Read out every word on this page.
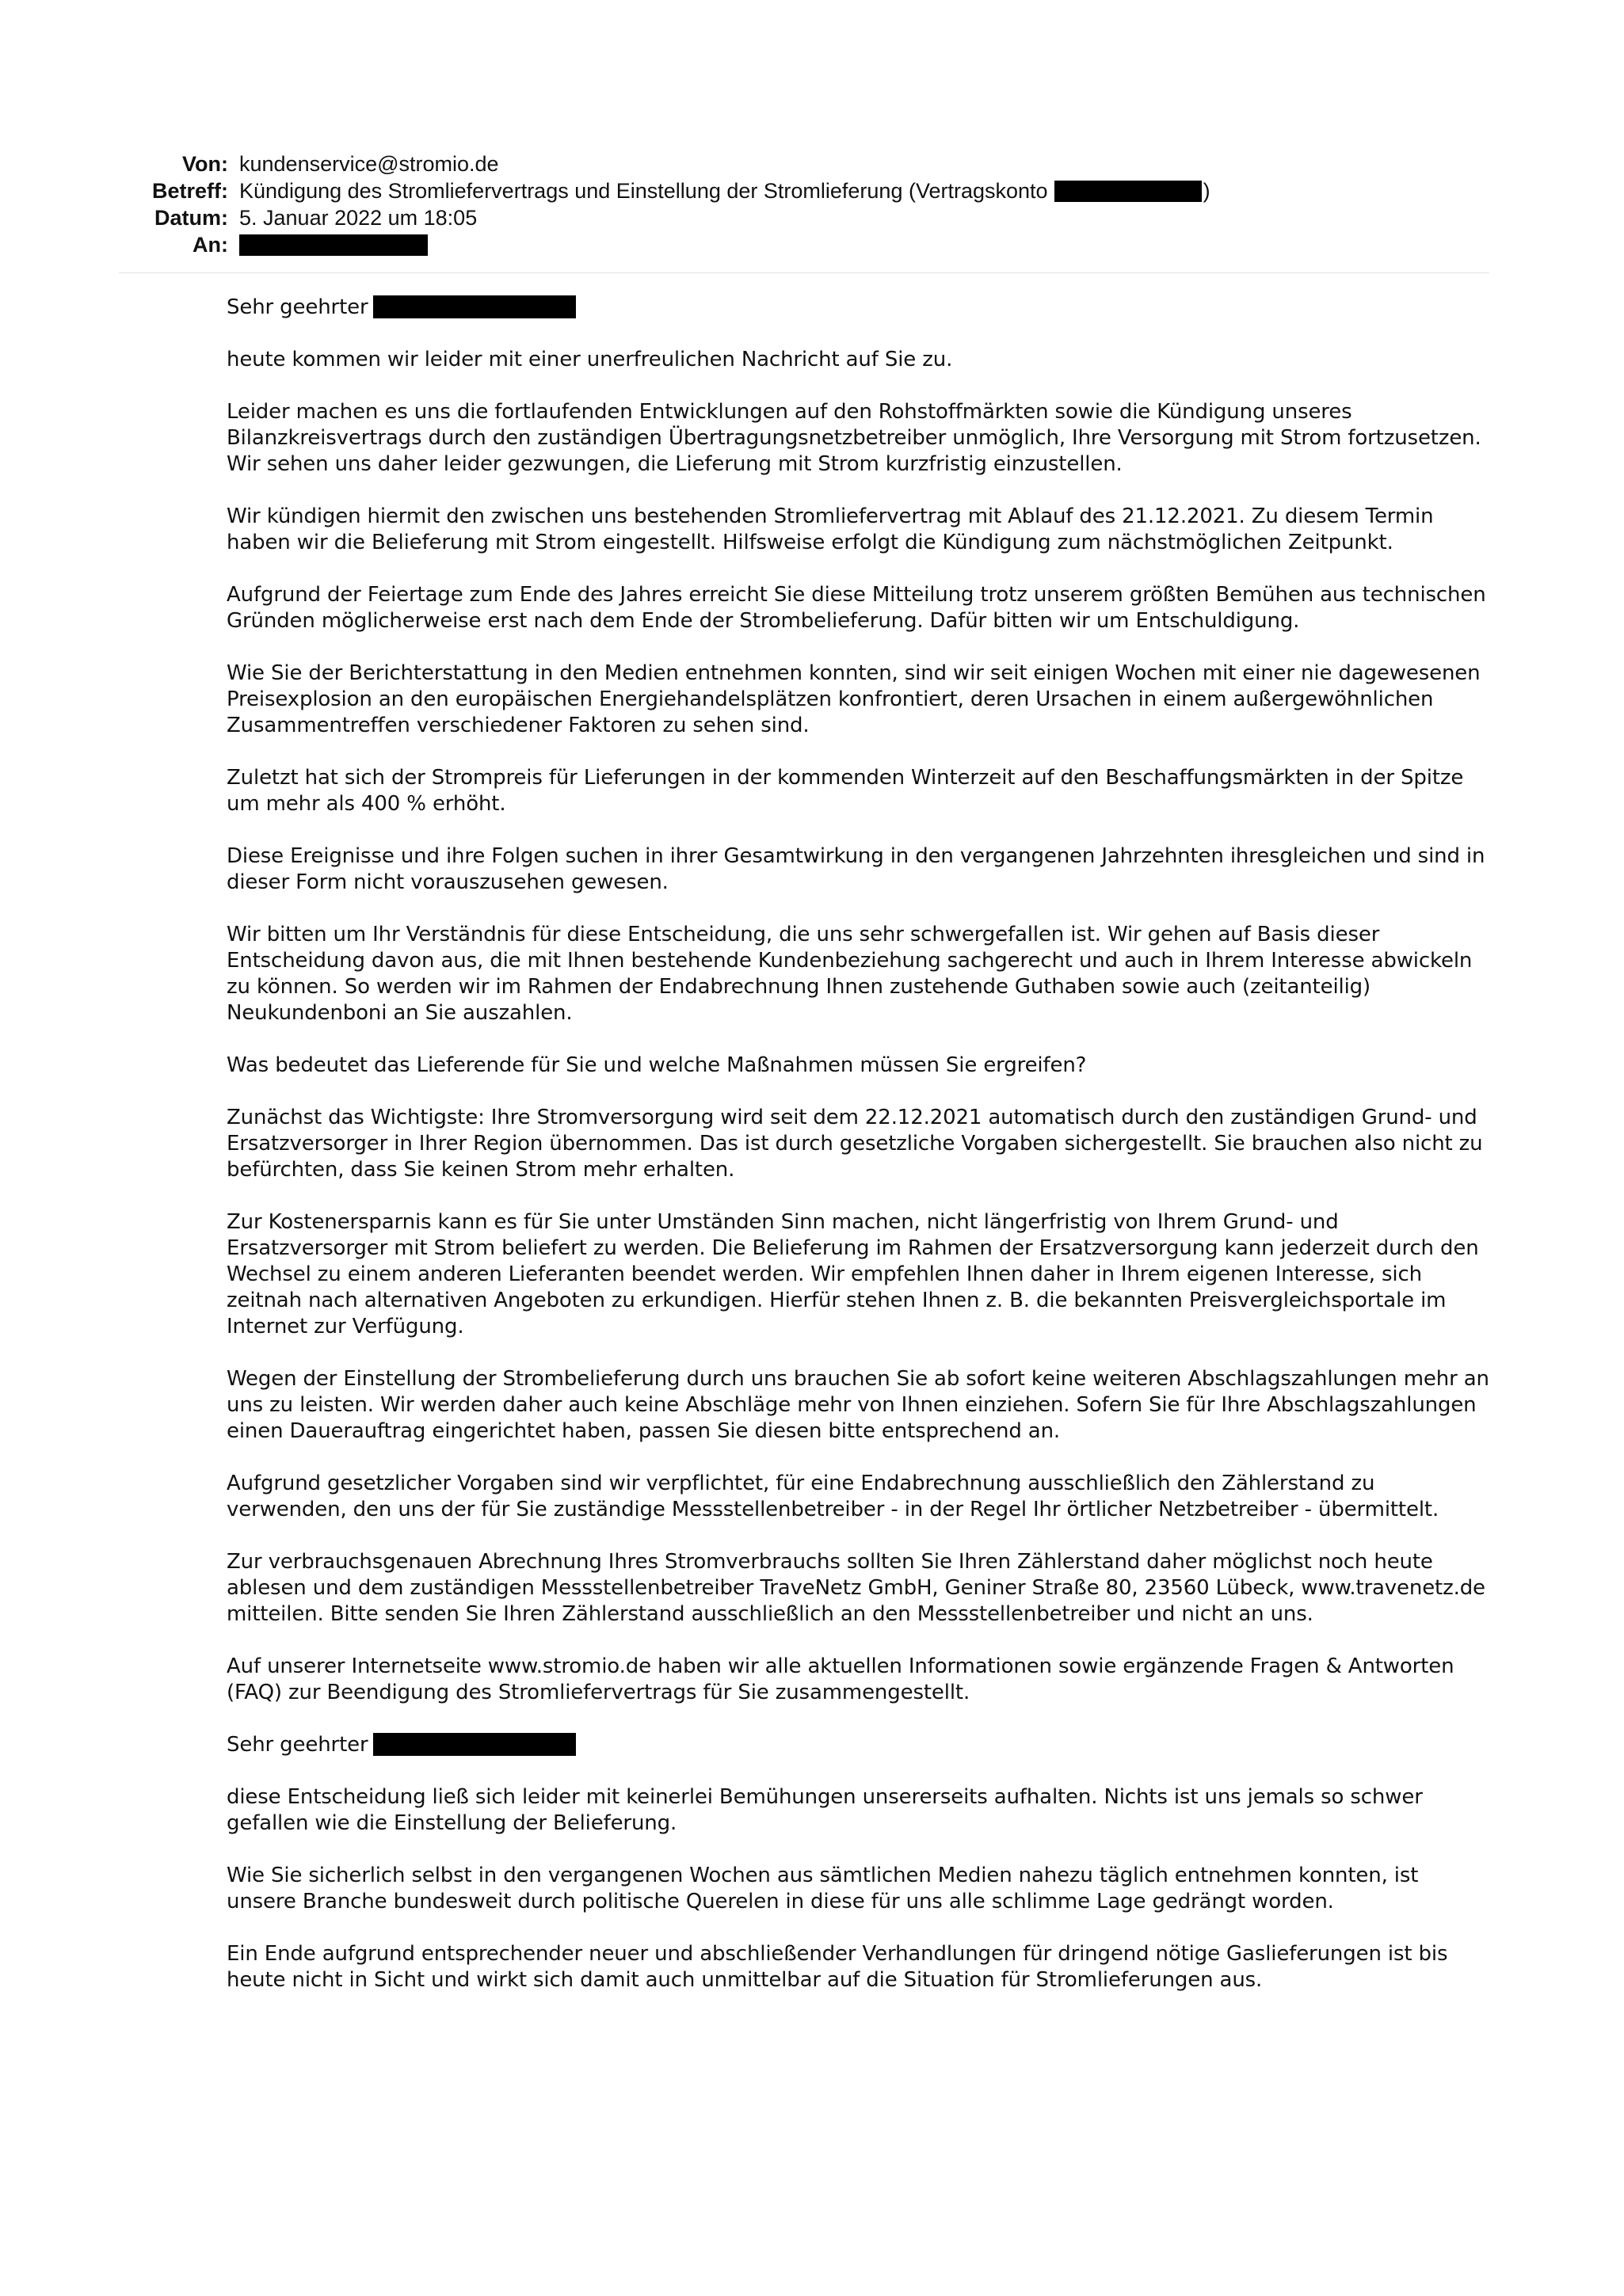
Von: kundenservice@stromio.de
Betreff: Kündigung des Stromliefervertrags und Einstellung der Stromlieferung (Vertragskonto	)
Datum: 5. Januar 2022 um 18:05
An:

Sehr geehrter

heute kommen wir leider mit einer unerfreulichen Nachricht auf Sie zu.

Leider machen es uns die fortlaufenden Entwicklungen auf den Rohstoffmärkten sowie die Kündigung unseres Bilanzkreisvertrags durch den zuständigen Übertragungsnetzbetreiber unmöglich, Ihre Versorgung mit Strom fortzusetzen. Wir sehen uns daher leider gezwungen, die Lieferung mit Strom kurzfristig einzustellen.

Wir kündigen hiermit den zwischen uns bestehenden Stromliefervertrag mit Ablauf des 21.12.2021. Zu diesem Termin haben wir die Belieferung mit Strom eingestellt. Hilfsweise erfolgt die Kündigung zum nächstmöglichen Zeitpunkt.

Aufgrund der Feiertage zum Ende des Jahres erreicht Sie diese Mitteilung trotz unserem größten Bemühen aus technischen Gründen möglicherweise erst nach dem Ende der Strombelieferung. Dafür bitten wir um Entschuldigung.

Wie Sie der Berichterstattung in den Medien entnehmen konnten, sind wir seit einigen Wochen mit einer nie dagewesenen Preisexplosion an den europäischen Energiehandelsplätzen konfrontiert, deren Ursachen in einem außergewöhnlichen Zusammentreffen verschiedener Faktoren zu sehen sind.

Zuletzt hat sich der Strompreis für Lieferungen in der kommenden Winterzeit auf den Beschaffungsmärkten in der Spitze um mehr als 400 % erhöht.

Diese Ereignisse und ihre Folgen suchen in ihrer Gesamtwirkung in den vergangenen Jahrzehnten ihresgleichen und sind in dieser Form nicht vorauszusehen gewesen.

Wir bitten um Ihr Verständnis für diese Entscheidung, die uns sehr schwergefallen ist. Wir gehen auf Basis dieser Entscheidung davon aus, die mit Ihnen bestehende Kundenbeziehung sachgerecht und auch in Ihrem Interesse abwickeln zu können. So werden wir im Rahmen der Endabrechnung Ihnen zustehende Guthaben sowie auch (zeitanteilig) Neukundenboni an Sie auszahlen.

Was bedeutet das Lieferende für Sie und welche Maßnahmen müssen Sie ergreifen?

Zunächst das Wichtigste: Ihre Stromversorgung wird seit dem 22.12.2021 automatisch durch den zuständigen Grund- und Ersatzversorger in Ihrer Region übernommen. Das ist durch gesetzliche Vorgaben sichergestellt. Sie brauchen also nicht zu befürchten, dass Sie keinen Strom mehr erhalten.

Zur Kostenersparnis kann es für Sie unter Umständen Sinn machen, nicht längerfristig von Ihrem Grund- und Ersatzversorger mit Strom beliefert zu werden. Die Belieferung im Rahmen der Ersatzversorgung kann jederzeit durch den Wechsel zu einem anderen Lieferanten beendet werden. Wir empfehlen Ihnen daher in Ihrem eigenen Interesse, sich zeitnah nach alternativen Angeboten zu erkundigen. Hierfür stehen Ihnen z. B. die bekannten Preisvergleichsportale im Internet zur Verfügung.

Wegen der Einstellung der Strombelieferung durch uns brauchen Sie ab sofort keine weiteren Abschlagszahlungen mehr an uns zu leisten. Wir werden daher auch keine Abschläge mehr von Ihnen einziehen. Sofern Sie für Ihre Abschlagszahlungen einen Dauerauftrag eingerichtet haben, passen Sie diesen bitte entsprechend an.

Aufgrund gesetzlicher Vorgaben sind wir verpflichtet, für eine Endabrechnung ausschließlich den Zählerstand zu verwenden, den uns der für Sie zuständige Messstellenbetreiber - in der Regel Ihr örtlicher Netzbetreiber - übermittelt.

Zur verbrauchsgenauen Abrechnung Ihres Stromverbrauchs sollten Sie Ihren Zählerstand daher möglichst noch heute ablesen und dem zuständigen Messstellenbetreiber TraveNetz GmbH, Geniner Straße 80, 23560 Lübeck, www.travenetz.de mitteilen. Bitte senden Sie Ihren Zählerstand ausschließlich an den Messstellenbetreiber und nicht an uns.

Auf unserer Internetseite www.stromio.de haben wir alle aktuellen Informationen sowie ergänzende Fragen & Antworten (FAQ) zur Beendigung des Stromliefervertrags für Sie zusammengestellt.

Sehr geehrter

diese Entscheidung ließ sich leider mit keinerlei Bemühungen unsererseits aufhalten. Nichts ist uns jemals so schwer gefallen wie die Einstellung der Belieferung.

Wie Sie sicherlich selbst in den vergangenen Wochen aus sämtlichen Medien nahezu täglich entnehmen konnten, ist unsere Branche bundesweit durch politische Querelen in diese für uns alle schlimme Lage gedrängt worden.

Ein Ende aufgrund entsprechender neuer und abschließender Verhandlungen für dringend nötige Gaslieferungen ist bis heute nicht in Sicht und wirkt sich damit auch unmittelbar auf die Situation für Stromlieferungen aus.
